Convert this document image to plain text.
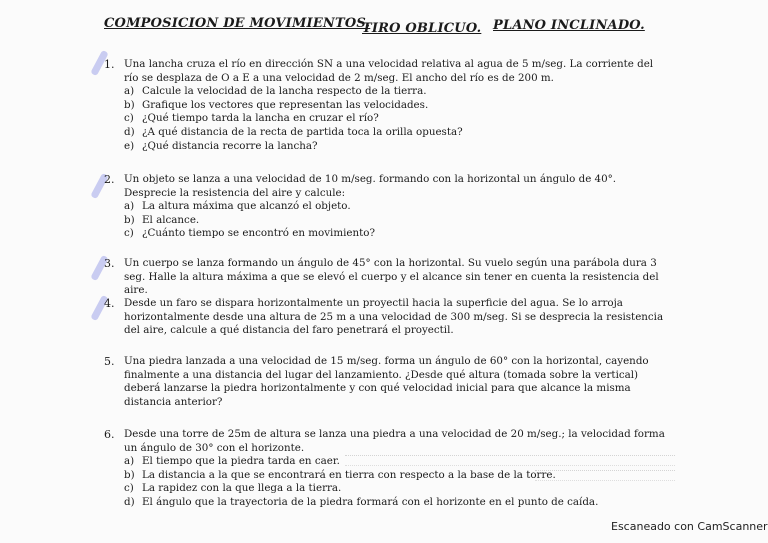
COMPOSICION DE MOVIMIENTOS.
TIRO OBLICUO. PLANO INCLINADO.
1. Una lancha cruza el río en dirección SN a una velocidad relativa al agua de 5 m/seg. La corriente del río se desplaza de O a E a una velocidad de 2 m/seg. El ancho del río es de 200 m.
a) Calcule la velocidad de la lancha respecto de la tierra.
b) Grafique los vectores que representan las velocidades.
c) ¿Qué tiempo tarda la lancha en cruzar el río?
d) ¿A qué distancia de la recta de partida toca la orilla opuesta?
e) ¿Qué distancia recorre la lancha?
2. Un objeto se lanza a una velocidad de 10 m/seg. formando con la horizontal un ángulo de 40°. Desprecie la resistencia del aire y calcule:
a) La altura máxima que alcanzó el objeto.
b) El alcance.
c) ¿Cuánto tiempo se encontró en movimiento?
3. Un cuerpo se lanza formando un ángulo de 45° con la horizontal. Su vuelo según una parábola dura 3 seg. Halle la altura máxima a que se elevó el cuerpo y el alcance sin tener en cuenta la resistencia del aire.
4. Desde un faro se dispara horizontalmente un proyectil hacia la superficie del agua. Se lo arroja horizontalmente desde una altura de 25 m a una velocidad de 300 m/seg. Si se desprecia la resistencia del aire, calcule a qué distancia del faro penetrará el proyectil.
5. Una piedra lanzada a una velocidad de 15 m/seg. forma un ángulo de 60° con la horizontal, cayendo finalmente a una distancia del lugar del lanzamiento. ¿Desde qué altura (tomada sobre la vertical) deberá lanzarse la piedra horizontalmente y con qué velocidad inicial para que alcance la misma distancia anterior?
6. Desde una torre de 25m de altura se lanza una piedra a una velocidad de 20 m/seg.; la velocidad forma un ángulo de 30° con el horizonte.
a) El tiempo que la piedra tarda en caer.
b) La distancia a la que se encontrará en tierra con respecto a la base de la torre.
c) La rapidez con la que llega a la tierra.
d) El ángulo que la trayectoria de la piedra formará con el horizonte en el punto de caída.
Escaneado con CamScanner
